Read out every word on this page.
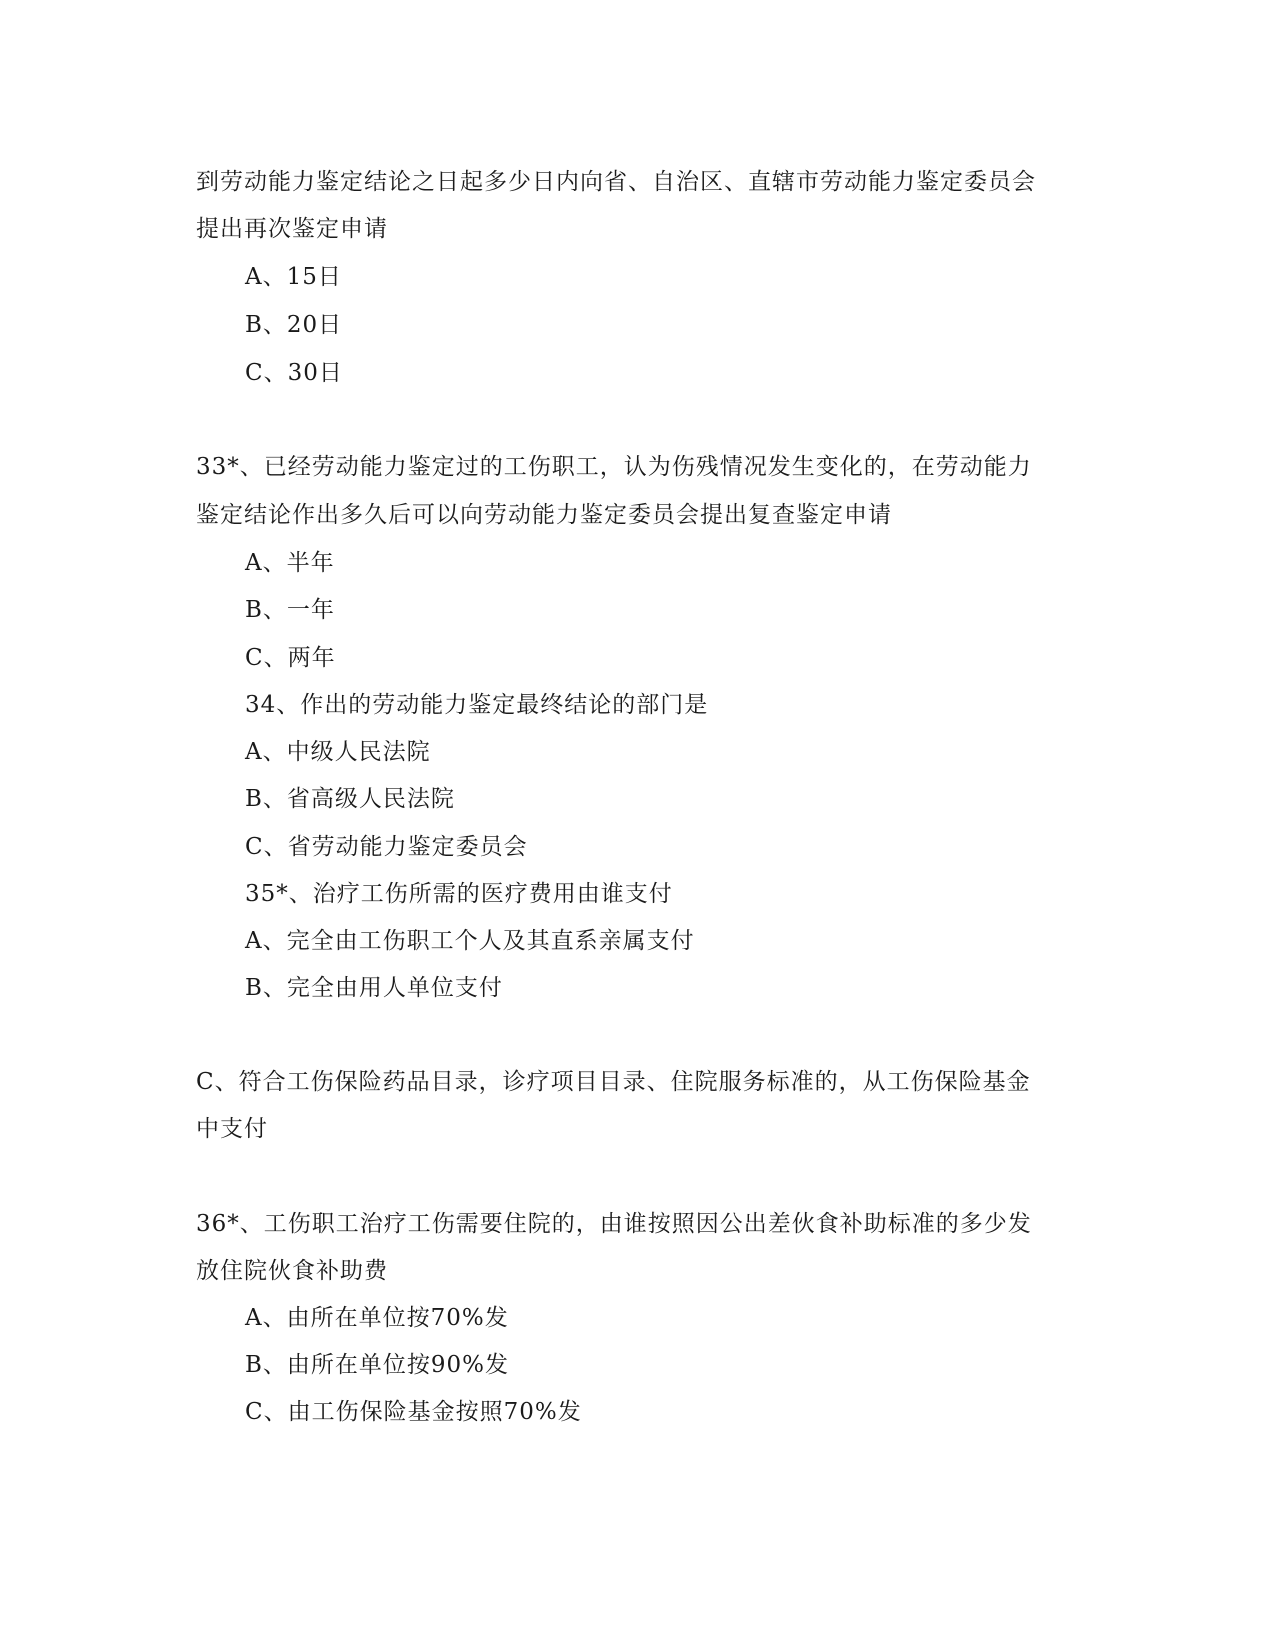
到劳动能力鉴定结论之日起多少日内向省、自治区、直辖市劳动能力鉴定委员会
提出再次鉴定申请
A、15日
B、20日
C、30日
33*、已经劳动能力鉴定过的工伤职工，认为伤残情况发生变化的，在劳动能力
鉴定结论作出多久后可以向劳动能力鉴定委员会提出复查鉴定申请
A、半年
B、一年
C、两年
34、作出的劳动能力鉴定最终结论的部门是
A、中级人民法院
B、省高级人民法院
C、省劳动能力鉴定委员会
35*、治疗工伤所需的医疗费用由谁支付
A、完全由工伤职工个人及其直系亲属支付
B、完全由用人单位支付
C、符合工伤保险药品目录，诊疗项目目录、住院服务标准的，从工伤保险基金
中支付
36*、工伤职工治疗工伤需要住院的，由谁按照因公出差伙食补助标准的多少发
放住院伙食补助费
A、由所在单位按70%发
B、由所在单位按90%发
C、由工伤保险基金按照70%发
